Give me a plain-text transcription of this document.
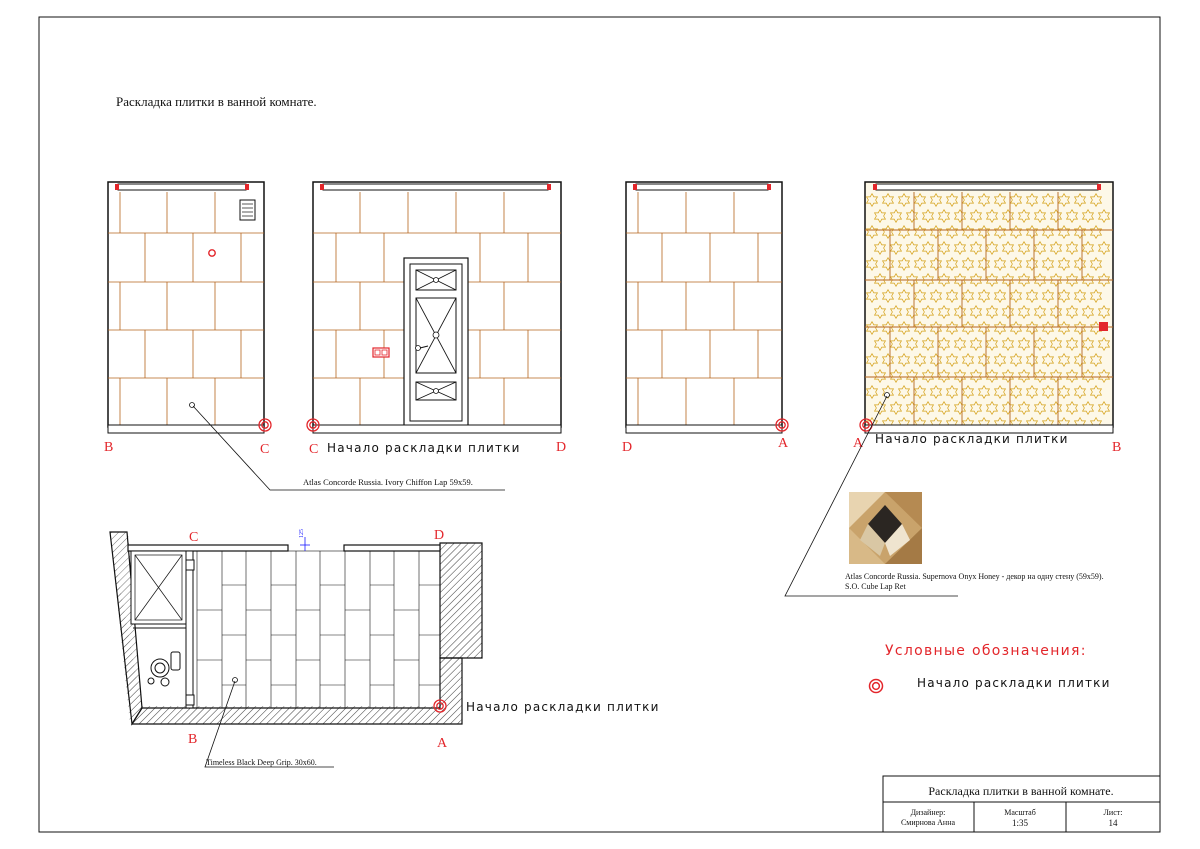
Раскладка плитки в ванной комнате.
B	C	C	D
Начало раскладки плитки	D	A	A	B
Начало раскладки плитки
Atlas Concorde Russia. Ivory Chiffon Lap 59x59.
Atlas Concorde Russia. Supernova Onyx Honey - декор на одну стену (59х59).
S.O. Cube Lap Ret
125
C	D
B	A
Начало раскладки плитки
Timeless Black Deep Grip. 30x60.
Условные обозначения:
Начало раскладки плитки
Раскладка плитки в ванной комнате.
Дизайнер:
Смирнова Анна
Масштаб
1:35
Лист:
14
